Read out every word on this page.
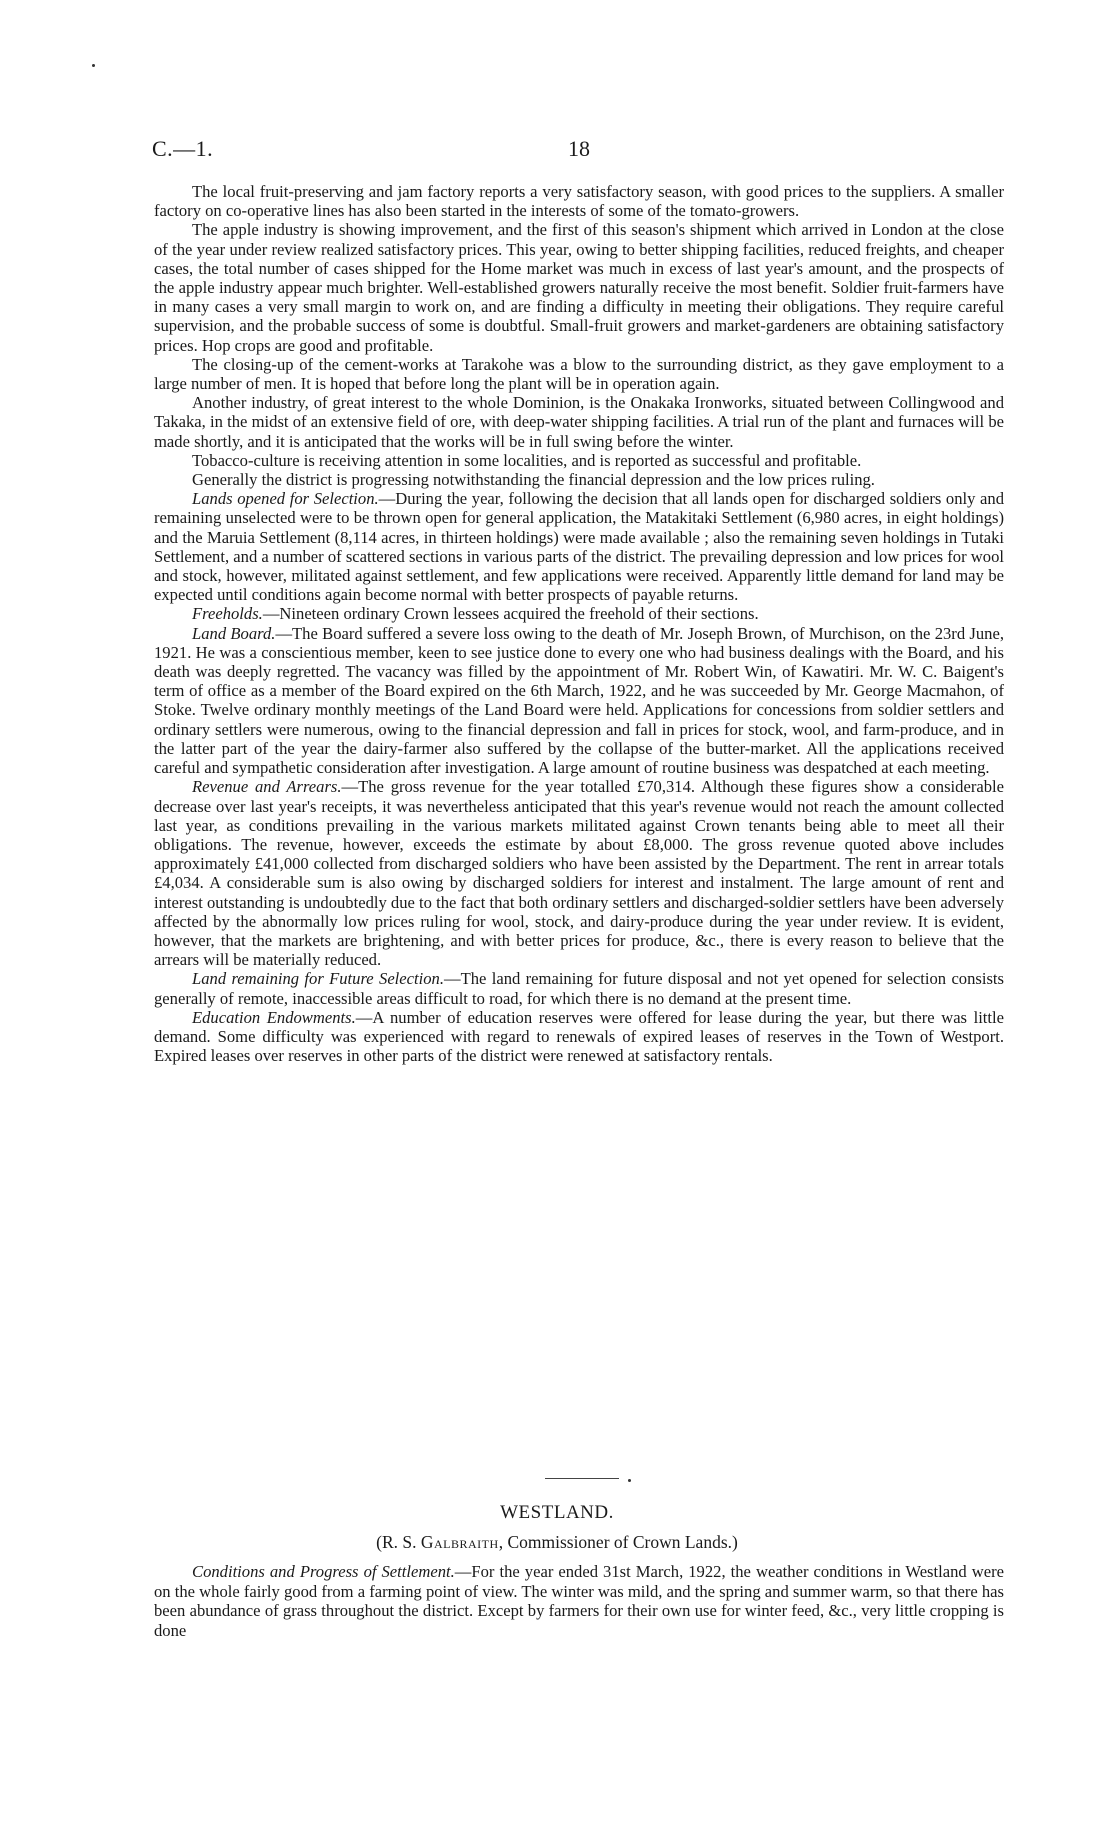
C.—1.	18

The local fruit-preserving and jam factory reports a very satisfactory season, with good prices to the suppliers. A smaller factory on co-operative lines has also been started in the interests of some of the tomato-growers.

The apple industry is showing improvement, and the first of this season's shipment which arrived in London at the close of the year under review realized satisfactory prices. This year, owing to better shipping facilities, reduced freights, and cheaper cases, the total number of cases shipped for the Home market was much in excess of last year's amount, and the prospects of the apple industry appear much brighter. Well-established growers naturally receive the most benefit. Soldier fruit-farmers have in many cases a very small margin to work on, and are finding a difficulty in meeting their obligations. They require careful supervision, and the probable success of some is doubtful. Small-fruit growers and market-gardeners are obtaining satisfactory prices. Hop crops are good and profitable.

The closing-up of the cement-works at Tarakohe was a blow to the surrounding district, as they gave employment to a large number of men. It is hoped that before long the plant will be in operation again.

Another industry, of great interest to the whole Dominion, is the Onakaka Ironworks, situated between Collingwood and Takaka, in the midst of an extensive field of ore, with deep-water shipping facilities. A trial run of the plant and furnaces will be made shortly, and it is anticipated that the works will be in full swing before the winter.

Tobacco-culture is receiving attention in some localities, and is reported as successful and profitable.

Generally the district is progressing notwithstanding the financial depression and the low prices ruling.

Lands opened for Selection.—During the year, following the decision that all lands open for discharged soldiers only and remaining unselected were to be thrown open for general application, the Matakitaki Settlement (6,980 acres, in eight holdings) and the Maruia Settlement (8,114 acres, in thirteen holdings) were made available ; also the remaining seven holdings in Tutaki Settlement, and a number of scattered sections in various parts of the district. The prevailing depression and low prices for wool and stock, however, militated against settlement, and few applications were received. Apparently little demand for land may be expected until conditions again become normal with better prospects of payable returns.

Freeholds.—Nineteen ordinary Crown lessees acquired the freehold of their sections.

Land Board.—The Board suffered a severe loss owing to the death of Mr. Joseph Brown, of Murchison, on the 23rd June, 1921. He was a conscientious member, keen to see justice done to every one who had business dealings with the Board, and his death was deeply regretted. The vacancy was filled by the appointment of Mr. Robert Win, of Kawatiri. Mr. W. C. Baigent's term of office as a member of the Board expired on the 6th March, 1922, and he was succeeded by Mr. George Macmahon, of Stoke. Twelve ordinary monthly meetings of the Land Board were held. Applications for concessions from soldier settlers and ordinary settlers were numerous, owing to the financial depression and fall in prices for stock, wool, and farm-produce, and in the latter part of the year the dairy-farmer also suffered by the collapse of the butter-market. All the applications received careful and sympathetic consideration after investigation. A large amount of routine business was despatched at each meeting.

Revenue and Arrears.—The gross revenue for the year totalled £70,314. Although these figures show a considerable decrease over last year's receipts, it was nevertheless anticipated that this year's revenue would not reach the amount collected last year, as conditions prevailing in the various markets militated against Crown tenants being able to meet all their obligations. The revenue, however, exceeds the estimate by about £8,000. The gross revenue quoted above includes approximately £41,000 collected from discharged soldiers who have been assisted by the Department. The rent in arrear totals £4,034. A considerable sum is also owing by discharged soldiers for interest and instalment. The large amount of rent and interest outstanding is undoubtedly due to the fact that both ordinary settlers and discharged-soldier settlers have been adversely affected by the abnormally low prices ruling for wool, stock, and dairy-produce during the year under review. It is evident, however, that the markets are brightening, and with better prices for produce, &c., there is every reason to believe that the arrears will be materially reduced.

Land remaining for Future Selection.—The land remaining for future disposal and not yet opened for selection consists generally of remote, inaccessible areas difficult to road, for which there is no demand at the present time.

Education Endowments.—A number of education reserves were offered for lease during the year, but there was little demand. Some difficulty was experienced with regard to renewals of expired leases of reserves in the Town of Westport. Expired leases over reserves in other parts of the district were renewed at satisfactory rentals.

WESTLAND.
(R. S. Galbraith, Commissioner of Crown Lands.)

Conditions and Progress of Settlement.—For the year ended 31st March, 1922, the weather conditions in Westland were on the whole fairly good from a farming point of view. The winter was mild, and the spring and summer warm, so that there has been abundance of grass throughout the district. Except by farmers for their own use for winter feed, &c., very little cropping is done
